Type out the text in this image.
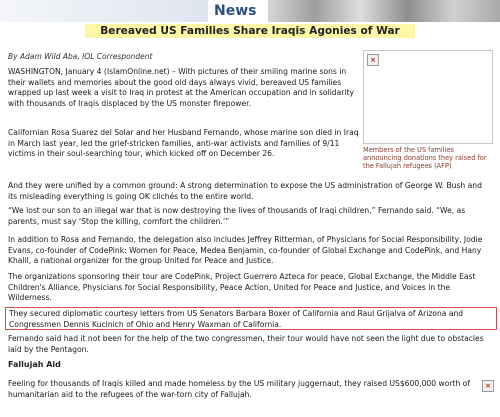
News
Bereaved US Families Share Iraqis Agonies of War
By Adam Wild Aba, IOL Correspondent

WASHINGTON, January 4 (IslamOnline.net) – With pictures of their smiling marine sons in their wallets and memories about the good old days always vivid, bereaved US families wrapped up last week a visit to Iraq in protest at the American occupation and in solidarity with thousands of Iraqis displaced by the US monster firepower.

Californian Rosa Suarez del Solar and her Husband Fernando, whose marine son died in Iraq in March last year, led the grief-stricken families, anti-war activists and families of 9/11 victims in their soul-searching tour, which kicked off on December 26.

×
Members of the US families announcing donations they raised for the Fallujah refugees (AFP)

And they were unified by a common ground: A strong determination to expose the US administration of George W. Bush and its misleading everything is going OK clichés to the entire world.

“We lost our son to an illegal war that is now destroying the lives of thousands of Iraqi children,” Fernando said. “We, as parents, must say ‘Stop the killing, comfort the children.’”

In addition to Rosa and Fernando, the delegation also includes Jeffrey Ritterman, of Physicians for Social Responsibility, Jodie Evans, co-founder of CodePink: Women for Peace, Medea Benjamin, co-founder of Global Exchange and CodePink, and Hany Khalil, a national organizer for the group United for Peace and Justice.

The organizations sponsoring their tour are CodePink, Project Guerrero Azteca for peace, Global Exchange, the Middle East Children's Alliance, Physicians for Social Responsibility, Peace Action, United for Peace and Justice, and Voices in the Wilderness.

They secured diplomatic courtesy letters from US Senators Barbara Boxer of California and Raul Grijalva of Arizona and Congressmen Dennis Kucinich of Ohio and Henry Waxman of California.

Fernando said had it not been for the help of the two congressmen, their tour would have not seen the light due to obstacles laid by the Pentagon.

Fallujah Aid

Feeling for thousands of Iraqis killed and made homeless by the US military juggernaut, they raised US$600,000 worth of humanitarian aid to the refugees of the war-torn city of Fallujah.

×
